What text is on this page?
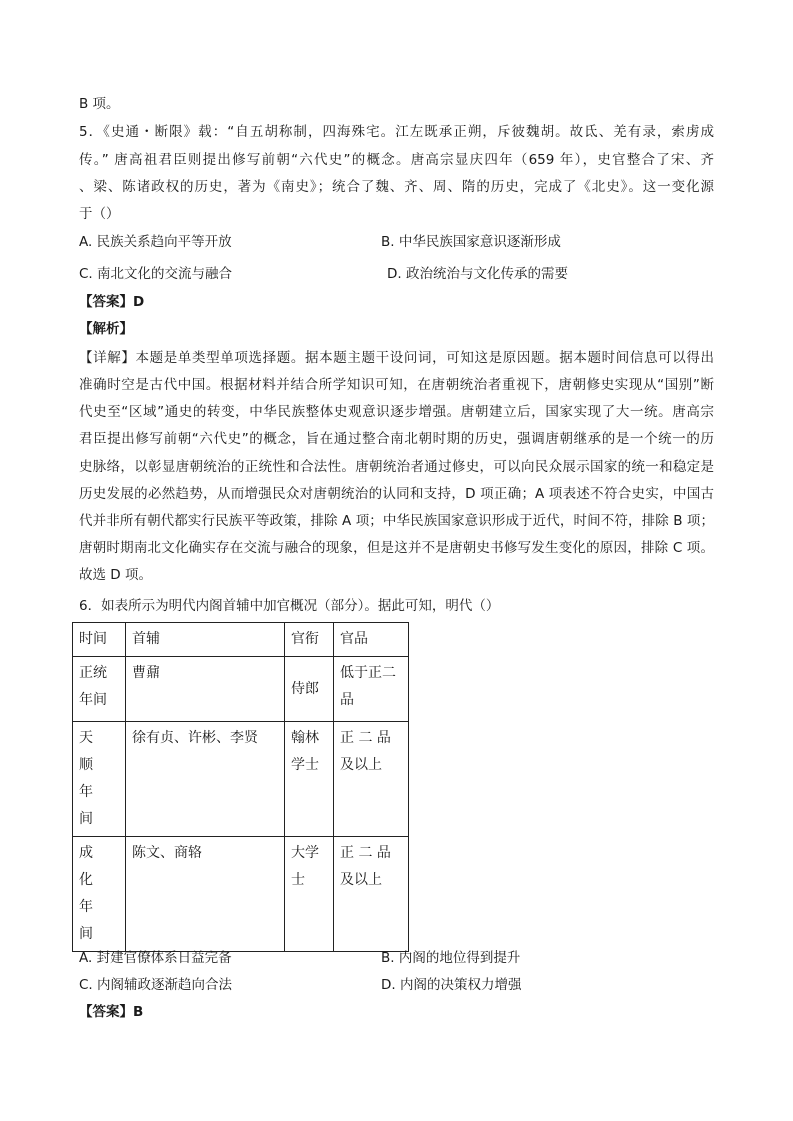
B 项。
5．《史通・断限》载：“自五胡称制，四海殊宅。江左既承正朔，斥彼魏胡。故氐、羌有录，索虏成
传。” 唐高祖君臣则提出修写前朝“六代史”的概念。唐高宗显庆四年（659 年），史官整合了宋、齐
、梁、陈诸政权的历史，著为《南史》；统合了魏、齐、周、隋的历史，完成了《北史》。这一变化源
于（）
A. 民族关系趋向平等开放	B. 中华民族国家意识逐渐形成
C. 南北文化的交流与融合	D. 政治统治与文化传承的需要
【答案】D
【解析】
【详解】本题是单类型单项选择题。据本题主题干设问词，可知这是原因题。据本题时间信息可以得出
准确时空是古代中国。根据材料并结合所学知识可知，在唐朝统治者重视下，唐朝修史实现从“国别”断
代史至“区域”通史的转变，中华民族整体史观意识逐步增强。唐朝建立后，国家实现了大一统。唐高宗
君臣提出修写前朝“六代史”的概念，旨在通过整合南北朝时期的历史，强调唐朝继承的是一个统一的历
史脉络，以彰显唐朝统治的正统性和合法性。唐朝统治者通过修史，可以向民众展示国家的统一和稳定是
历史发展的必然趋势，从而增强民众对唐朝统治的认同和支持，D 项正确；A 项表述不符合史实，中国古
代并非所有朝代都实行民族平等政策，排除 A 项；中华民族国家意识形成于近代，时间不符，排除 B 项；
唐朝时期南北文化确实存在交流与融合的现象，但是这并不是唐朝史书修写发生变化的原因，排除 C 项。
故选 D 项。
6．如表所示为明代内阁首辅中加官概况（部分）。据此可知，明代（）
时间	首辅	官衔	官品

正统
年间	曹鼐	侍郎	低于正二
品

天
顺
年
间	徐有贞、许彬、李贤	翰林
学士	正 二 品
及以上

成
化
年
间	陈文、商辂	大学
士	正 二 品
及以上
A. 封建官僚体系日益完备	B. 内阁的地位得到提升
C. 内阁辅政逐渐趋向合法	D. 内阁的决策权力增强
【答案】B
